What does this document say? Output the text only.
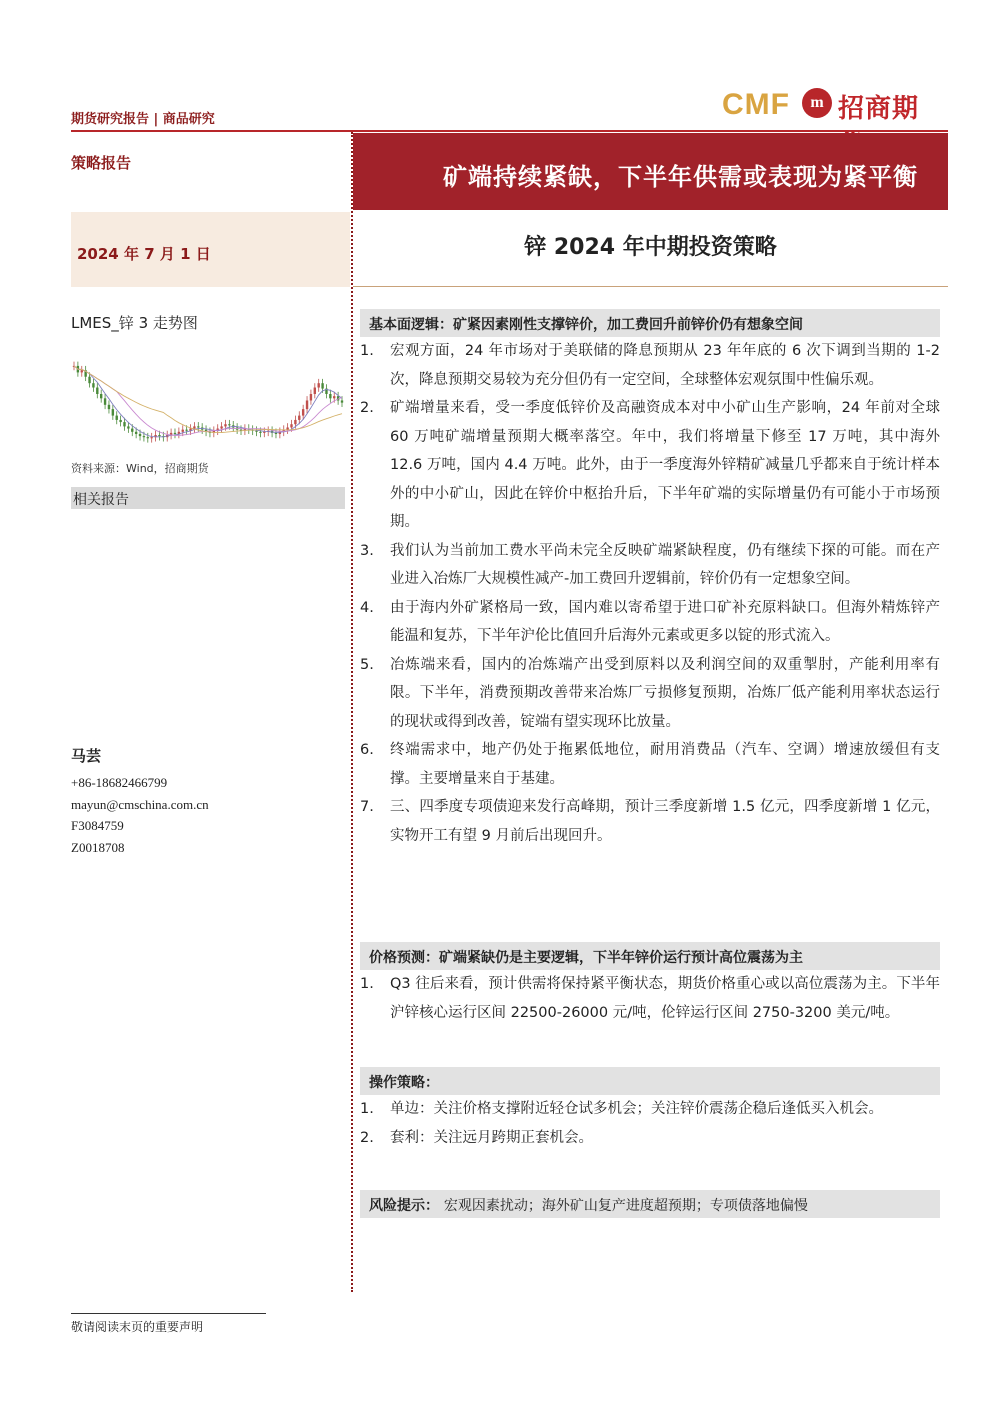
期货研究报告 | 商品研究	CMF	m 招商期
策略报告	矿端持续紧缺，下半年供需或表现为紧平衡
2024 年 7 月 1 日	锌 2024 年中期投资策略
LMES_锌 3 走势图
资料来源：Wind，招商期货
相关报告
马芸
+86-18682466799
mayun@cmschina.com.cn
F3084759
Z0018708
基本面逻辑：矿紧因素刚性支撑锌价，加工费回升前锌价仍有想象空间
1. 宏观方面，24 年市场对于美联储的降息预期从 23 年年底的 6 次下调到当期的 1-2 次，降息预期交易较为充分但仍有一定空间，全球整体宏观氛围中性偏乐观。
2. 矿端增量来看，受一季度低锌价及高融资成本对中小矿山生产影响，24 年前对全球 60 万吨矿端增量预期大概率落空。年中，我们将增量下修至 17 万吨，其中海外 12.6 万吨，国内 4.4 万吨。此外，由于一季度海外锌精矿减量几乎都来自于统计样本外的中小矿山，因此在锌价中枢抬升后，下半年矿端的实际增量仍有可能小于市场预期。
3. 我们认为当前加工费水平尚未完全反映矿端紧缺程度，仍有继续下探的可能。而在产业进入冶炼厂大规模性减产-加工费回升逻辑前，锌价仍有一定想象空间。
4. 由于海内外矿紧格局一致，国内难以寄希望于进口矿补充原料缺口。但海外精炼锌产能温和复苏，下半年沪伦比值回升后海外元素或更多以锭的形式流入。
5. 冶炼端来看，国内的冶炼端产出受到原料以及利润空间的双重掣肘，产能利用率有限。下半年，消费预期改善带来冶炼厂亏损修复预期，冶炼厂低产能利用率状态运行的现状或得到改善，锭端有望实现环比放量。
6. 终端需求中，地产仍处于拖累低地位，耐用消费品（汽车、空调）增速放缓但有支撑。主要增量来自于基建。
7. 三、四季度专项债迎来发行高峰期，预计三季度新增 1.5 亿元，四季度新增 1 亿元，实物开工有望 9 月前后出现回升。
价格预测：矿端紧缺仍是主要逻辑，下半年锌价运行预计高位震荡为主
1. Q3 往后来看，预计供需将保持紧平衡状态，期货价格重心或以高位震荡为主。下半年沪锌核心运行区间 22500-26000 元/吨，伦锌运行区间 2750-3200 美元/吨。
操作策略：
1. 单边：关注价格支撑附近轻仓试多机会；关注锌价震荡企稳后逢低买入机会。
2. 套利：关注远月跨期正套机会。
风险提示： 宏观因素扰动；海外矿山复产进度超预期；专项债落地偏慢
敬请阅读末页的重要声明
